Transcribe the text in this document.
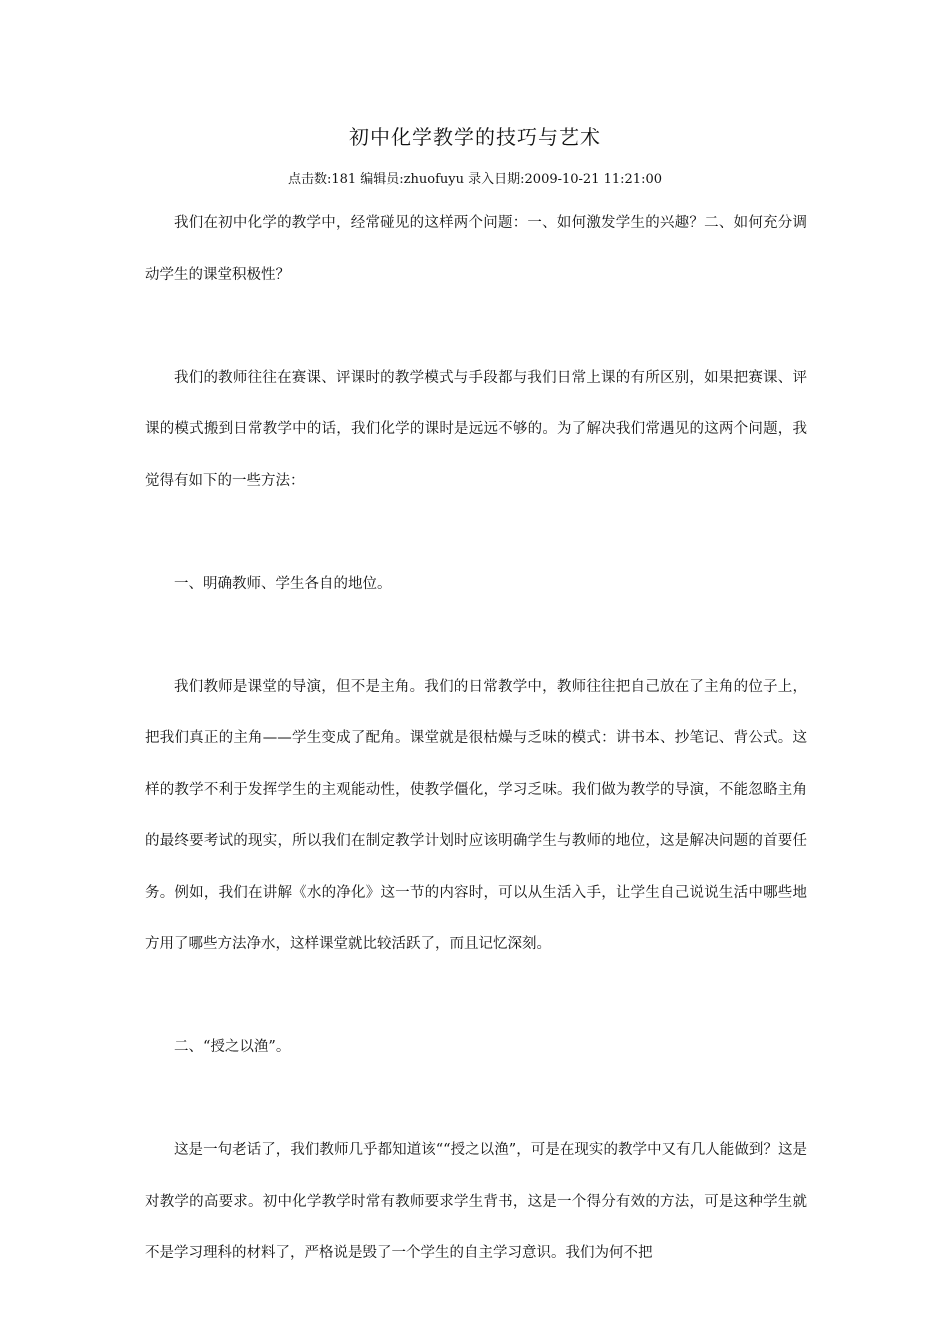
初中化学教学的技巧与艺术
点击数:181 编辑员:zhuofuyu 录入日期:2009-10-21 11:21:00

我们在初中化学的教学中，经常碰见的这样两个问题：一、如何激发学生的兴趣？二、如何充分调动学生的课堂积极性？

我们的教师往往在赛课、评课时的教学模式与手段都与我们日常上课的有所区别，如果把赛课、评课的模式搬到日常教学中的话，我们化学的课时是远远不够的。为了解决我们常遇见的这两个问题，我觉得有如下的一些方法：

一、明确教师、学生各自的地位。

我们教师是课堂的导演，但不是主角。我们的日常教学中，教师往往把自己放在了主角的位子上，把我们真正的主角——学生变成了配角。课堂就是很枯燥与乏味的模式：讲书本、抄笔记、背公式。这样的教学不利于发挥学生的主观能动性，使教学僵化，学习乏味。我们做为教学的导演，不能忽略主角的最终要考试的现实，所以我们在制定教学计划时应该明确学生与教师的地位，这是解决问题的首要任务。例如，我们在讲解《水的净化》这一节的内容时，可以从生活入手，让学生自己说说生活中哪些地方用了哪些方法净水，这样课堂就比较活跃了，而且记忆深刻。

二、“授之以渔”。

这是一句老话了，我们教师几乎都知道该““授之以渔”，可是在现实的教学中又有几人能做到？这是对教学的高要求。初中化学教学时常有教师要求学生背书，这是一个得分有效的方法，可是这种学生就不是学习理科的材料了，严格说是毁了一个学生的自主学习意识。我们为何不把
